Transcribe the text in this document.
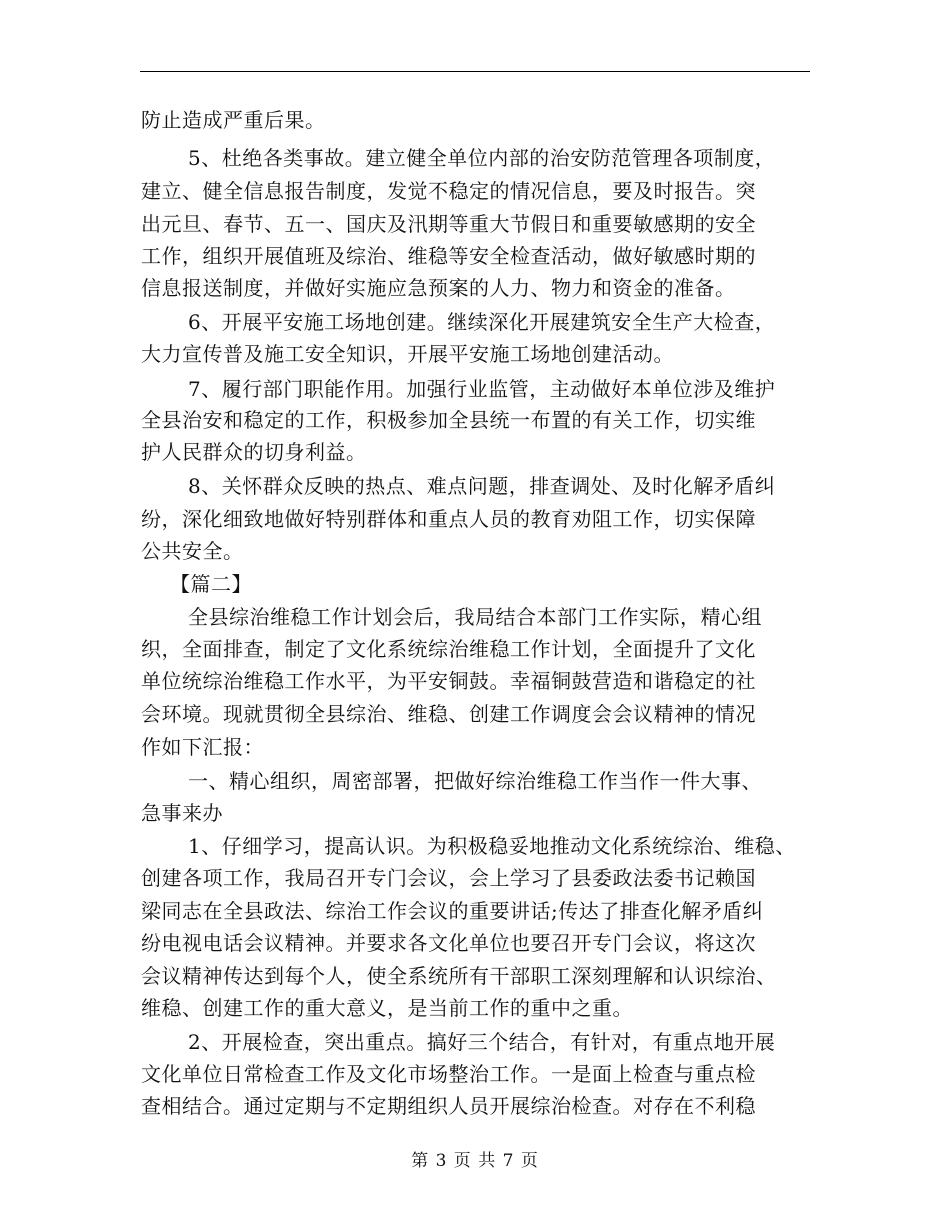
防止造成严重后果。
5、杜绝各类事故。建立健全单位内部的治安防范管理各项制度，
建立、健全信息报告制度，发觉不稳定的情况信息，要及时报告。突
出元旦、春节、五一、国庆及汛期等重大节假日和重要敏感期的安全
工作，组织开展值班及综治、维稳等安全检查活动，做好敏感时期的
信息报送制度，并做好实施应急预案的人力、物力和资金的准备。
6、开展平安施工场地创建。继续深化开展建筑安全生产大检查，
大力宣传普及施工安全知识，开展平安施工场地创建活动。
7、履行部门职能作用。加强行业监管，主动做好本单位涉及维护
全县治安和稳定的工作，积极参加全县统一布置的有关工作，切实维
护人民群众的切身利益。
8、关怀群众反映的热点、难点问题，排查调处、及时化解矛盾纠
纷，深化细致地做好特别群体和重点人员的教育劝阻工作，切实保障
公共安全。
【篇二】
全县综治维稳工作计划会后，我局结合本部门工作实际，精心组
织，全面排查，制定了文化系统综治维稳工作计划，全面提升了文化
单位统综治维稳工作水平，为平安铜鼓。幸福铜鼓营造和谐稳定的社
会环境。现就贯彻全县综治、维稳、创建工作调度会会议精神的情况
作如下汇报：
一、精心组织，周密部署，把做好综治维稳工作当作一件大事、
急事来办
1、仔细学习，提高认识。为积极稳妥地推动文化系统综治、维稳、
创建各项工作，我局召开专门会议，会上学习了县委政法委书记赖国
梁同志在全县政法、综治工作会议的重要讲话;传达了排查化解矛盾纠
纷电视电话会议精神。并要求各文化单位也要召开专门会议，将这次
会议精神传达到每个人，使全系统所有干部职工深刻理解和认识综治、
维稳、创建工作的重大意义，是当前工作的重中之重。
2、开展检查，突出重点。搞好三个结合，有针对，有重点地开展
文化单位日常检查工作及文化市场整治工作。一是面上检查与重点检
查相结合。通过定期与不定期组织人员开展综治检查。对存在不利稳
第 3 页 共 7 页
